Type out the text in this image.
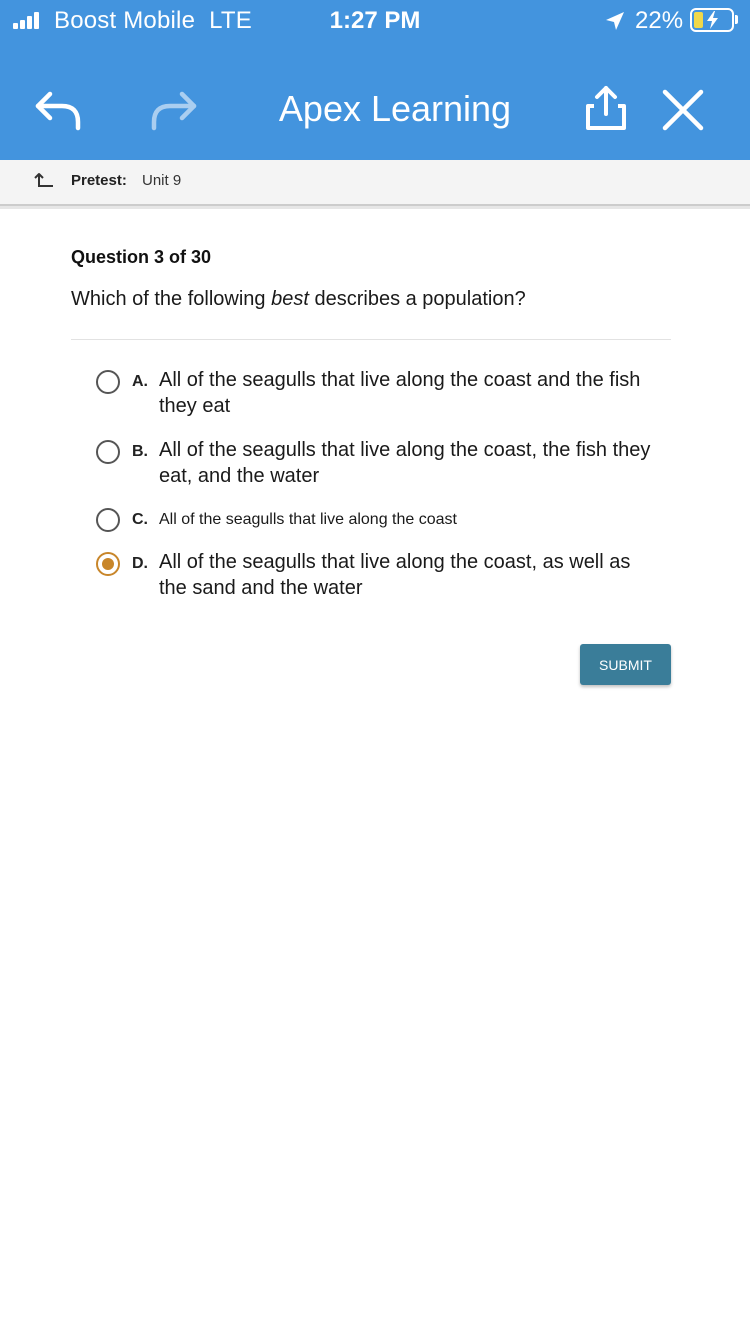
Boost Mobile LTE	1:27 PM	22%
Apex Learning
Pretest: Unit 9
Question 3 of 30
Which of the following best describes a population?
A. All of the seagulls that live along the coast and the fish they eat
B. All of the seagulls that live along the coast, the fish they eat, and the water
C. All of the seagulls that live along the coast
D. All of the seagulls that live along the coast, as well as the sand and the water
SUBMIT
